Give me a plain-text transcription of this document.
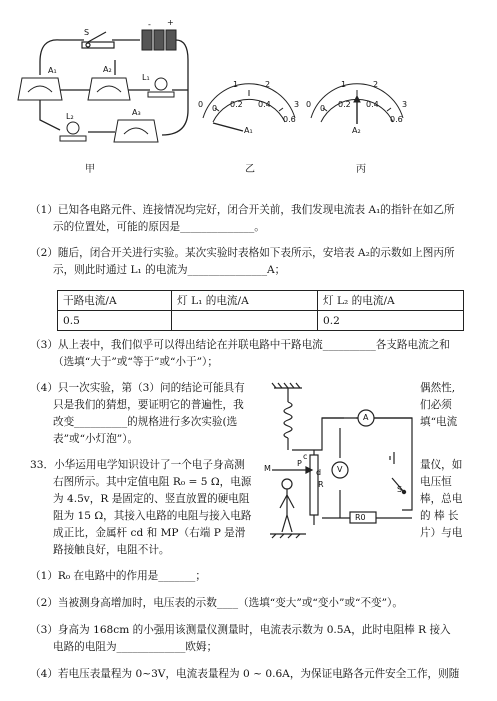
S
- +
A₁	A₂
L₁
L₂	A₃
甲
1	2
0	3
0 0.2 0.4
0.6
A₁
乙
1	2
0	3
0 0.2 0.4
0.6
A₂
丙
（1）已知各电路元件、连接情况均完好，闭合开关前，我们发现电流表 A₁的指针在如乙所
示的位置处，可能的原因是______________。
（2）随后，闭合开关进行实验。某次实验时表格如下表所示，安培表 A₂的示数如上图丙所
示，则此时通过 L₁ 的电流为_______________A；
干路电流/A	灯 L₁ 的电流/A	灯 L₂ 的电流/A
0.5		0.2
（3）从上表中，我们似乎可以得出结论在并联电路中干路电流__________各支路电流之和
（选填“大于”或“等于”或“小于”）；
（4）只一次实验，第（3）问的结论可能具有
只是我们的猜想，要证明它的普遍性，我
改变__________的规格进行多次实验(选
表”或“小灯泡”）。
偶然性,
们必须
填“电流
33．小华运用电学知识设计了一个电子身高测
右图所示。其中定值电阻 R₀ = 5 Ω，电源
为 4.5v，R 是固定的、竖直放置的硬电阻
阻为 15 Ω，其接入电路的电阻与接入电路
成正比，金属杆 cd 和 MP（右端 P 是滑
路接触良好，电阻不计。
量仪，如
电压恒
棒，总电
的 棒 长
片）与电
A
V
M
P
c
d
R
R0
S
（1）R₀ 在电路中的作用是_______；
（2）当被测身高增加时，电压表的示数____（选填“变大”或“变小”或“不变”）。
（3）身高为 168cm 的小强用该测量仪测量时，电流表示数为 0.5A，此时电阻棒 R 接入
电路的电阻为_____________欧姆；
（4）若电压表量程为 0~3V，电流表量程为 0 ~ 0.6A，为保证电路各元件安全工作，则随
